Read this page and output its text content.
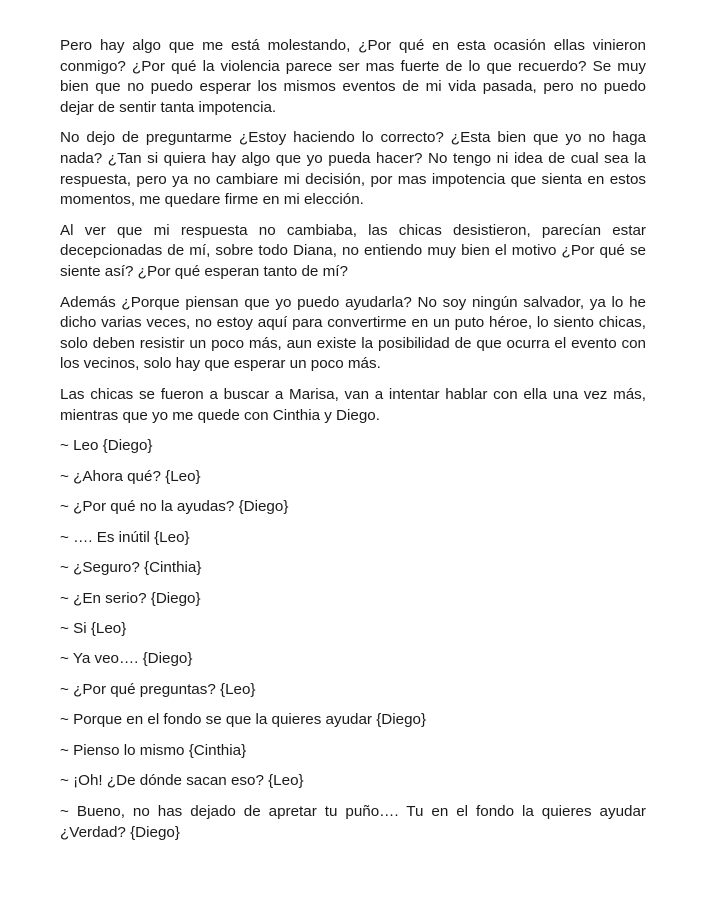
Pero hay algo que me está molestando, ¿Por qué en esta ocasión ellas vinieron conmigo? ¿Por qué la violencia parece ser mas fuerte de lo que recuerdo? Se muy bien que no puedo esperar los mismos eventos de mi vida pasada, pero no puedo dejar de sentir tanta impotencia.

No dejo de preguntarme ¿Estoy haciendo lo correcto? ¿Esta bien que yo no haga nada? ¿Tan si quiera hay algo que yo pueda hacer? No tengo ni idea de cual sea la respuesta, pero ya no cambiare mi decisión, por mas impotencia que sienta en estos momentos, me quedare firme en mi elección.

Al ver que mi respuesta no cambiaba, las chicas desistieron, parecían estar decepcionadas de mí, sobre todo Diana, no entiendo muy bien el motivo ¿Por qué se siente así? ¿Por qué esperan tanto de mí?

Además ¿Porque piensan que yo puedo ayudarla? No soy ningún salvador, ya lo he dicho varias veces, no estoy aquí para convertirme en un puto héroe, lo siento chicas, solo deben resistir un poco más, aun existe la posibilidad de que ocurra el evento con los vecinos, solo hay que esperar un poco más.

Las chicas se fueron a buscar a Marisa, van a intentar hablar con ella una vez más, mientras que yo me quede con Cinthia y Diego.

~ Leo {Diego}

~ ¿Ahora qué? {Leo}

~ ¿Por qué no la ayudas? {Diego}

~ …. Es inútil {Leo}

~ ¿Seguro? {Cinthia}

~ ¿En serio? {Diego}

~ Si {Leo}

~ Ya veo…. {Diego}

~ ¿Por qué preguntas? {Leo}

~ Porque en el fondo se que la quieres ayudar {Diego}

~ Pienso lo mismo {Cinthia}

~ ¡Oh! ¿De dónde sacan eso? {Leo}

~ Bueno, no has dejado de apretar tu puño…. Tu en el fondo la quieres ayudar ¿Verdad? {Diego}
